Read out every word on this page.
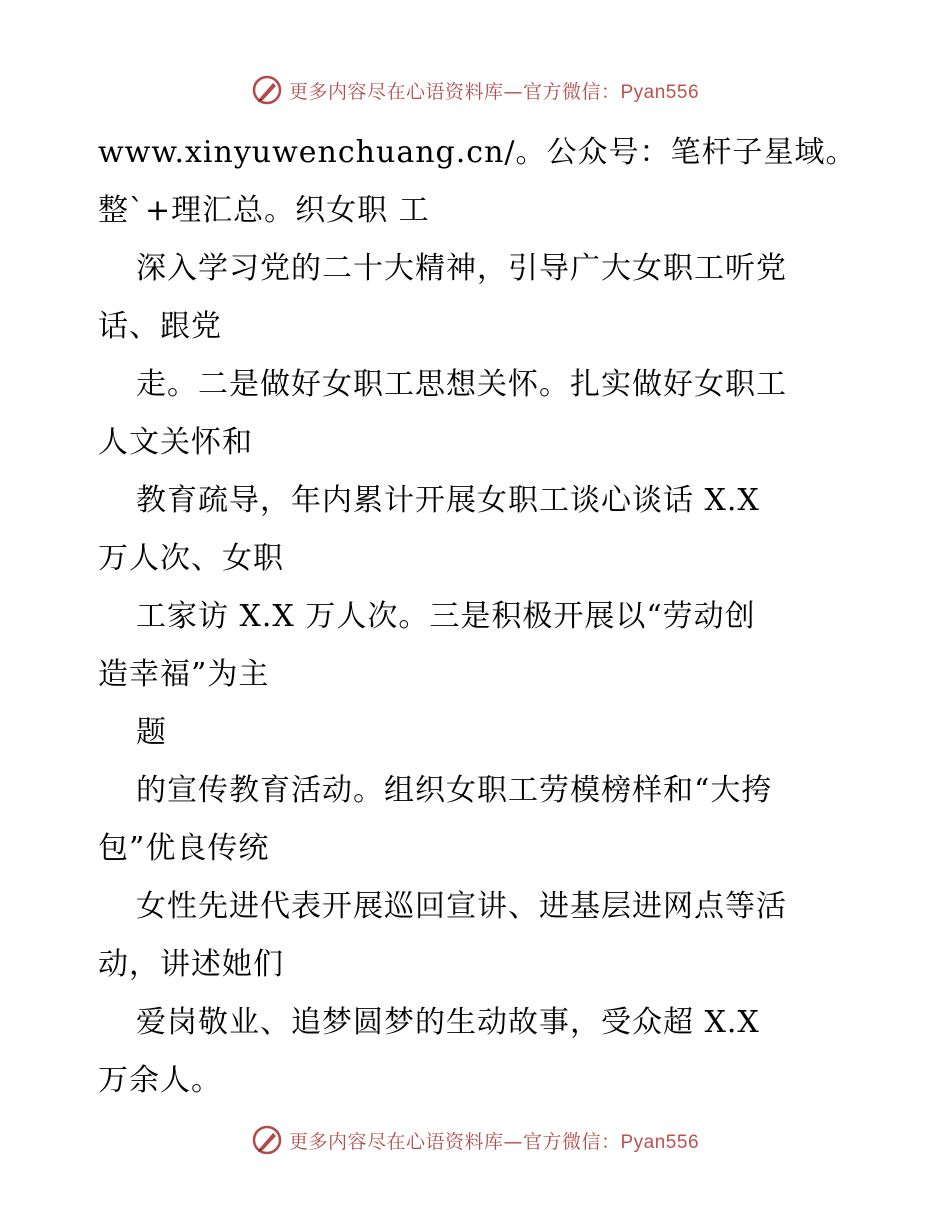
更多内容尽在心语资料库—官方微信：Pyan556
www.xinyuwenchuang.cn/。公众号：笔杆子星域。
整`+理汇总。织女职 工
深入学习党的二十大精神，引导广大女职工听党
话、跟党
走。二是做好女职工思想关怀。扎实做好女职工
人文关怀和
教育疏导，年内累计开展女职工谈心谈话 X.X
万人次、女职
工家访 X.X 万人次。三是积极开展以“劳动创
造幸福”为主
题
的宣传教育活动。组织女职工劳模榜样和“大挎
包”优良传统
女性先进代表开展巡回宣讲、进基层进网点等活
动，讲述她们
爱岗敬业、追梦圆梦的生动故事，受众超 X.X
万余人。
更多内容尽在心语资料库—官方微信：Pyan556
